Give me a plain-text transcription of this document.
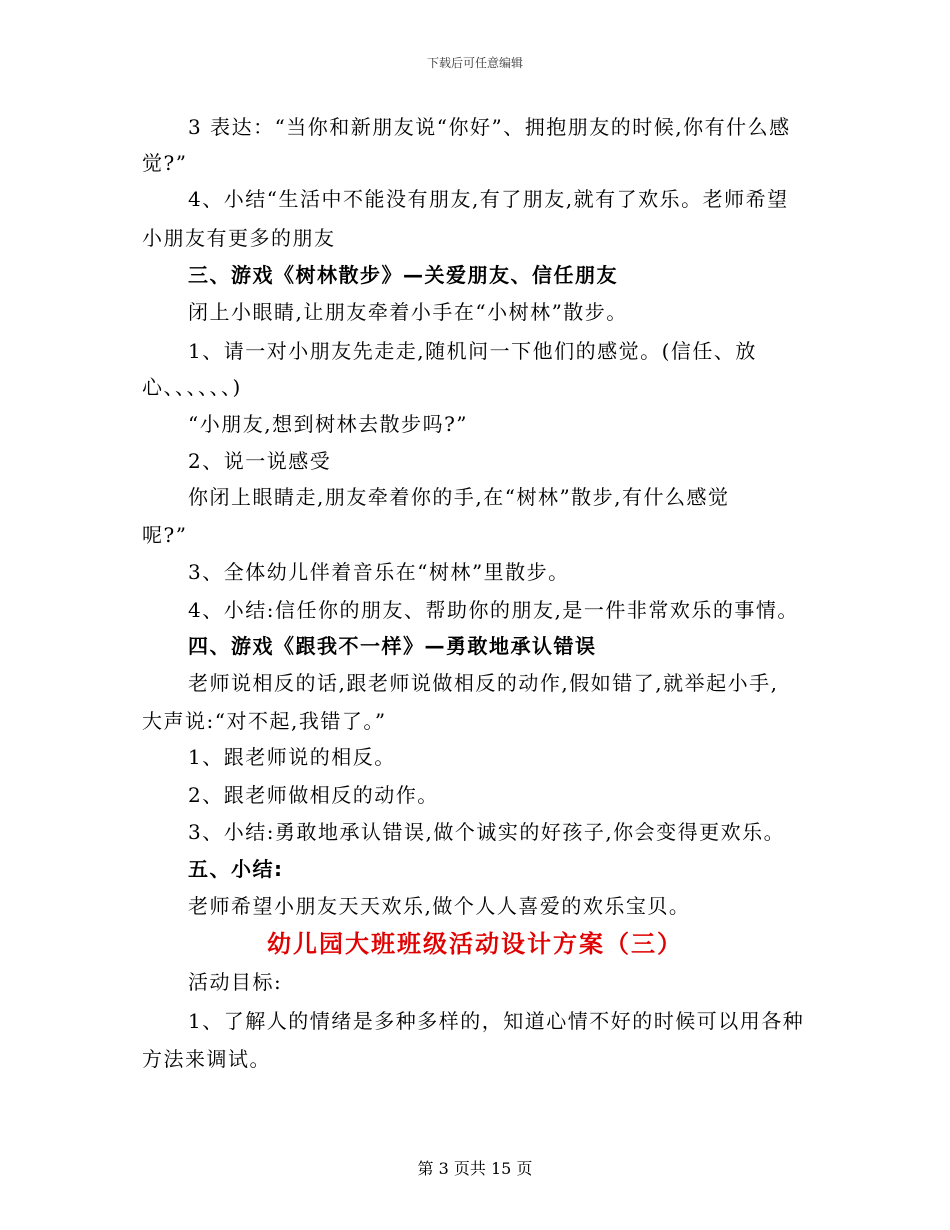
下载后可任意编辑
3 表达：“当你和新朋友说“你好”、拥抱朋友的时候,你有什么感
觉?”
4、小结“生活中不能没有朋友,有了朋友,就有了欢乐。老师希望
小朋友有更多的朋友
三、游戏《树林散步》—关爱朋友、信任朋友
闭上小眼睛,让朋友牵着小手在“小树林”散步。
1、请一对小朋友先走走,随机问一下他们的感觉。(信任、放
心、、、、、、)
“小朋友,想到树林去散步吗?”
2、说一说感受
你闭上眼睛走,朋友牵着你的手,在“树林”散步,有什么感觉
呢?”
3、全体幼儿伴着音乐在“树林”里散步。
4、小结:信任你的朋友、帮助你的朋友,是一件非常欢乐的事情。
四、游戏《跟我不一样》—勇敢地承认错误
老师说相反的话,跟老师说做相反的动作,假如错了,就举起小手,
大声说:“对不起,我错了。”
1、跟老师说的相反。
2、跟老师做相反的动作。
3、小结:勇敢地承认错误,做个诚实的好孩子,你会变得更欢乐。
五、小结:
老师希望小朋友天天欢乐,做个人人喜爱的欢乐宝贝。
幼儿园大班班级活动设计方案（三）
活动目标:
1、了解人的情绪是多种多样的，知道心情不好的时候可以用各种
方法来调试。
第 3 页共 15 页
